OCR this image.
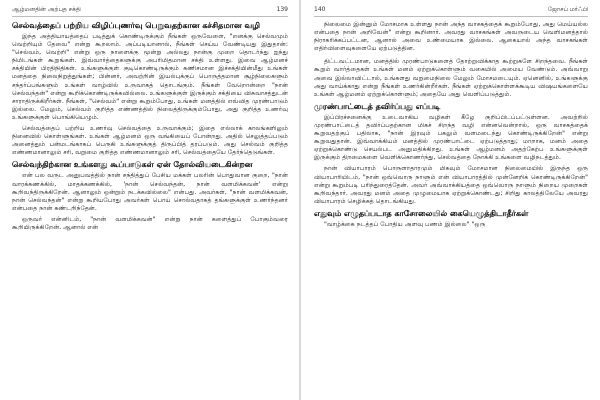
ஆழ்மனதின் அற்புத சக்தி	139
செல்வத்தைப் பற்றிய விழிப்புணர்வு பெறுவதற்கான கச்சிதமான வழி

இந்த அத்தியாயத்தைப் படித்துக் கொண்டிருக்கும் நீங்கள் ஒருவேளை, "எனக்கு செல்வமும் வெற்றியும் தேவை" என்று கூறலாம். அப்படியானால், நீங்கள் செய்ய வேண்டியது இதுதான்: "செல்வம், வெற்றி" என்று ஒரு நாளைக்கு மூன்று அல்லது நான்கு முறை தொடர்ந்து ஐந்து நிமிடங்கள் கூறுங்கள். இவ்வார்த்தைகளுக்கு அபரிமிதமான சக்தி உள்ளது. இவை ஆழ்மனச் சக்தியின் பிரதிநிதிகள். உங்களுக்குள் குடிகொண்டிருக்கும் கணிசமான இச்சக்தியின்மீது உங்கள் மனத்தை நிலைநிறுத்துங்கள்; பின்னர், அவற்றின் இயல்புக்குப் பொருத்தமான சூழ்நிலைகளும் சந்தர்ப்பங்களும் உங்கள் வாழ்வில் உருவாகத் தொடங்கும். நீங்கள் வேறொன்றை "நான் செல்வந்தன்" என்று கூறிக்கொண்டிருக்கவில்லை. உங்களுக்குள் இருக்கும் சக்தியை விசுவாசத்துடன் சாராதிருக்கிறீர்கள். நீங்கள், "செல்வம்" என்று கூறும்போது, உங்கள் மனத்தில் எவ்வித முரண்பாடும் இல்லை. மேலும், செல்வம் குறித்த எண்ணத்தில் நிலைத்திருக்கும்போது, அது குறித்த உணர்வு உங்களுக்குள் பொங்கியெழும்.

செல்வத்தைப் பற்றிய உணர்வு செல்வத்தை உருவாக்கும்; இதை எல்லாக் காலங்களிலும் நினைவில் கொள்ளுங்கள். உங்கள் ஆழ்மனம் ஒரு வங்கியைப் போன்றது. அதில் செலுத்தப்படும் அனைத்தும் பன்மடங்காகப் பெருகி உங்களுக்குத் திருப்பித் தரப்படும். அது செல்வம் குறித்த எண்ணமானாலும் சரி, வறுமை குறித்த எண்ணமானாலும் சரி, செல்வத்தையே தேர்ந்தெடுங்கள்.

செல்வந்திற்கான உங்களது கூப்பாடுகள் ஏன் தோல்வியடைகின்றன

என் பல வருட அனுபவத்தில் நான் சந்தித்துப் பேசிய மக்கள் பலரின் பொதுவான குறை, "நான் வாரக்கணக்கில், மாதக்கணக்கில், 'நான் செல்வந்தன், நான் வளமிக்கவன்' என்று கூறிவந்திருக்கிறேன். ஆனாலும் ஒன்றும் நடக்கவில்லை" என்பது. அவர்கள், "நான் வளமிக்கவன், நான் செல்வந்தன்" என்று கூறியபோது அவர்கள் பொய் சொல்வதாகத் தங்களுக்குள் உணர்ந்தனர் என்பதை நான் கண்டறிந்தேன்.

ஒருவர் என்னிடம், "நான் வளமிக்கவன்" என்று நான் களைத்துப் போகும்வரை கூறியிருக்கிறேன். ஆனால் என்

140	ஜோசப் மர்ஃபி

நிலைமை இன்னும் மோசமாக உள்ளது நான் அந்த வாசகத்தைக் கூறும்போது, அது மெய்யல்ல என்பதை நான் அறிவேன்" என்று கூறினார். அவரது வாசகங்கள் அவருடைய வெளிமனத்தால் நிராகரிக்கப்பட்டன, ஆனால் அவை உண்மையாக இல்லை. ஆகையால் அந்த வாசகங்கள் எதிர்விளைவுகளையே ஏற்படுத்தின.

திட்டவட்டமான, மனத்தில் முரண்பாடுகளைத் தோற்றுவிக்காத கூற்றுகளே சிறந்தவை. நீங்கள் கூறும் வார்த்தைகள் உங்கள் மனம் ஏற்றுக்கொள்ளும் வகையில் அமைய வேண்டும். அவ்வாறு அவை இல்லாவிட்டால், உங்களது வறுமைநிலை மேலும் மோசமடையும். ஏனெனில், உங்களுக்கு அது வாய்க்காது என்று நீங்கள் உணர்கின்றீர்கள். நீங்கள் ஏற்றுக்கொள்ளக்கூடிய விஷயங்களையே உங்கள் ஆழ்மனம் ஏற்றுக்கொள்ளும்; அதையே அது வெளிப்படுத்தும்.

முரண்பாட்டைத் தவிர்ப்பது எப்படி

இப்பிரச்சனைக்கு உடைவாகிய வழிகள் கீழே குறிப்பிடப்பட்டுள்ளன. அவற்றில் முரண்பாட்டைத் தவிர்ப்பதற்கான மிகச் சிறந்த வழி என்னவென்றால், ஒரு வாசகத்தைக் கூறுவதற்குப் பதிலாக, "நான் இரவும் பகலும் வளமடைந்து கொண்டிருக்கிறேன்" என்று கூறுவதுதான். இவ்வாக்கியம் மனத்தில் முரண்பாட்டை ஏற்படுத்தாது; மாறாக, மனம் அதை ஏற்றுக்கொண்டு செயல்பட அனுமதிக்கிறது. உங்கள் ஆழ்மனம் அதற்கேற்ப உங்களுக்குள் இருக்கும் திறமைகளை வெளிக்கொணர்ந்து, செல்வத்தை நோக்கி உங்களை வழிநடத்தும்.

நான் வியாபாரம் பொருளாதாரமும் மிகவும் மோசமான நிலைமையில் இருந்த ஒரு வியாபாரியிடம், "நான் ஒவ்வொரு நாளும் என் வியாபாரத்தில் முன்னேறிக் கொண்டிருக்கிறேன்" என்று கூறும்படி பரிந்துரைத்தேன். அவர் அவ்வாக்கியத்தை ஒவ்வொரு நாளும் நிறைய முறைகள் கூறிவந்தார். அவரது மனம் அதை முழுமையாக ஏற்றுக்கொண்டது; சிறிது காலத்திலேயே அவரது வியாபாரம் செழிக்கத் தொடங்கியது.

எதுவும் எழுதப்படாத காசோலையில் கையெழுத்திடாதீர்கள்

"வாழ்க்கை நடத்தப் போதிய அளவு பணம் இல்லை" "ஒரு
